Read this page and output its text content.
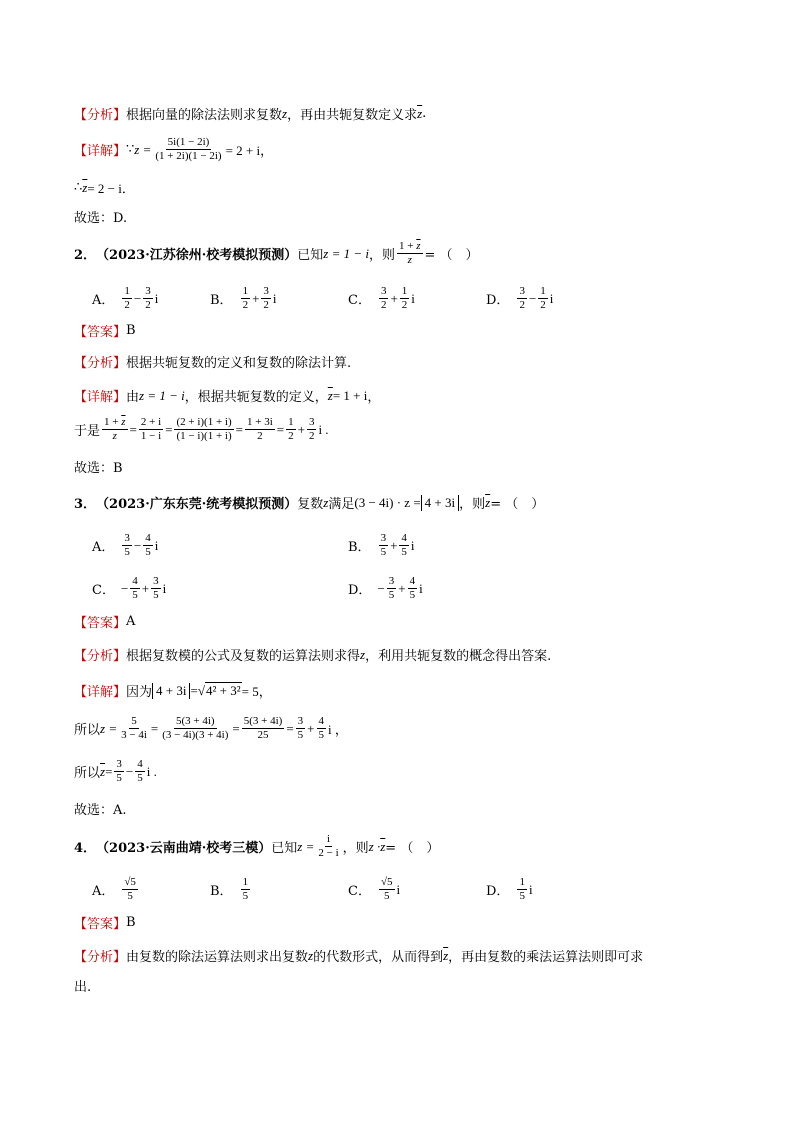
【分析】 根据向量的除法法则求复数 z ，再由共轭复数定义求 $\overline{z}$ .
【详解】 ∵ $z = \frac{5i(1 - 2i)}{(1 + 2i)(1 - 2i)} = 2 + i$，
∴ $\overline{z} = 2 - i$．
故选：D.
2． （2023·江苏徐州·校考模拟预测） 已知 z = 1 − i ，则 $\frac{1 + \overline{z}}{z}$ = （　）
A． $\frac{1}{2} - \frac{3}{2}$ i	B． $\frac{1}{2} + \frac{3}{2}$ i	C． $\frac{3}{2} + \frac{1}{2}$ i	D． $\frac{3}{2} - \frac{1}{2}$ i
【答案】 B
【分析】 根据共轭复数的定义和复数的除法计算.
【详解】 由 z = 1 − i ，根据共轭复数的定义， $\overline{z} = 1 + i$ ，
于是 $\frac{1 + \overline{z}}{z} = \frac{2 + i}{1 - i} = \frac{(2 + i)(1 + i)}{(1 - i)(1 + i)} = \frac{1 + 3i}{2} = \frac{1}{2} + \frac{3}{2}$ i .
故选：B
3． （2023·广东东莞·统考模拟预测） 复数 z 满足 (3 − 4i) · z = 4 + 3i ，则 $\overline{z}$ = （　）
A． $\frac{3}{5} - \frac{4}{5}$ i	B． $\frac{3}{5} + \frac{4}{5}$ i
C． − $\frac{4}{5} + \frac{3}{5}$ i	D． − $\frac{3}{5} + \frac{4}{5}$ i
【答案】 A
【分析】 根据复数模的公式及复数的运算法则求得 z ，利用共轭复数的概念得出答案.
【详解】 因为 4 + 3i = √ 4² + 3² = 5，
所以 $z = \frac{5}{3 - 4i} = \frac{5(3 + 4i)}{(3 - 4i)(3 + 4i)} = \frac{5(3 + 4i)}{25} = \frac{3}{5} + \frac{4}{5}$ i ，
所以 $\overline{z} = \frac{3}{5} - \frac{4}{5}$ i .
故选：A.
4． （2023·云南曲靖·校考三模） 已知 $z = \frac{i}{2 - i}$ ，则 $z \cdot \overline{z}$ = （　）
A． $\frac{√5}{5}$	B． $\frac{1}{5}$	C． $\frac{√5}{5}$ i	D． $\frac{1}{5}$ i
【答案】 B
【分析】 由复数的除法运算法则求出复数 z 的代数形式，从而得到 $\overline{z}$ ，再由复数的乘法运算法则即可求
出.
